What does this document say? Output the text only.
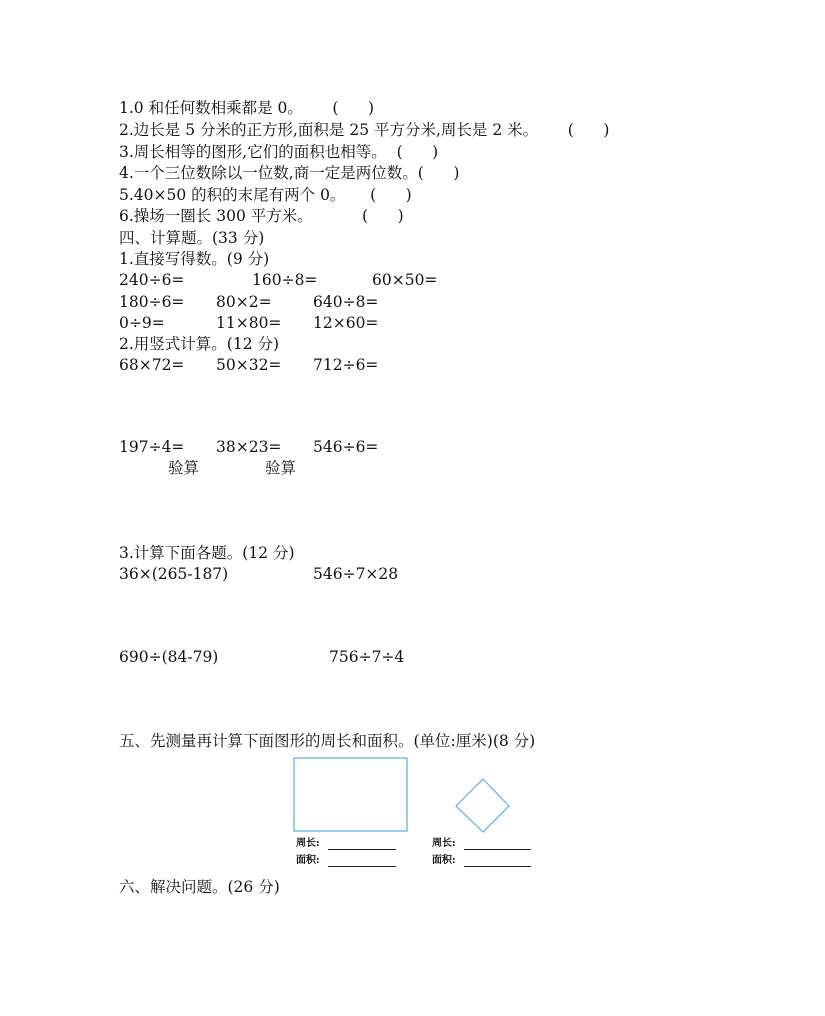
1.0 和任何数相乘都是 0。      (      )
2.边长是 5 分米的正方形,面积是 25 平方分米,周长是 2 米。      (      )
3.周长相等的图形,它们的面积也相等。  (      )
4.一个三位数除以一位数,商一定是两位数。(      )
5.40×50 的积的末尾有两个 0。     (      )
6.操场一圈长 300 平方米。          (      )
四、计算题。(33 分)
1.直接写得数。(9 分)
240÷6=	160÷8=	60×50=
180÷6= 80×2=	640÷8=
0÷9=	11×80= 12×60=
2.用竖式计算。(12 分)
68×72= 50×32= 712÷6=
197÷4= 38×23= 546÷6=
验算	验算
3.计算下面各题。(12 分)
36×(265-187)	546÷7×28
690÷(84-79)	756÷7÷4
五、先测量再计算下面图形的周长和面积。(单位:厘米)(8 分)
周长:
面积:
周长:
面积:
六、解决问题。(26 分)
